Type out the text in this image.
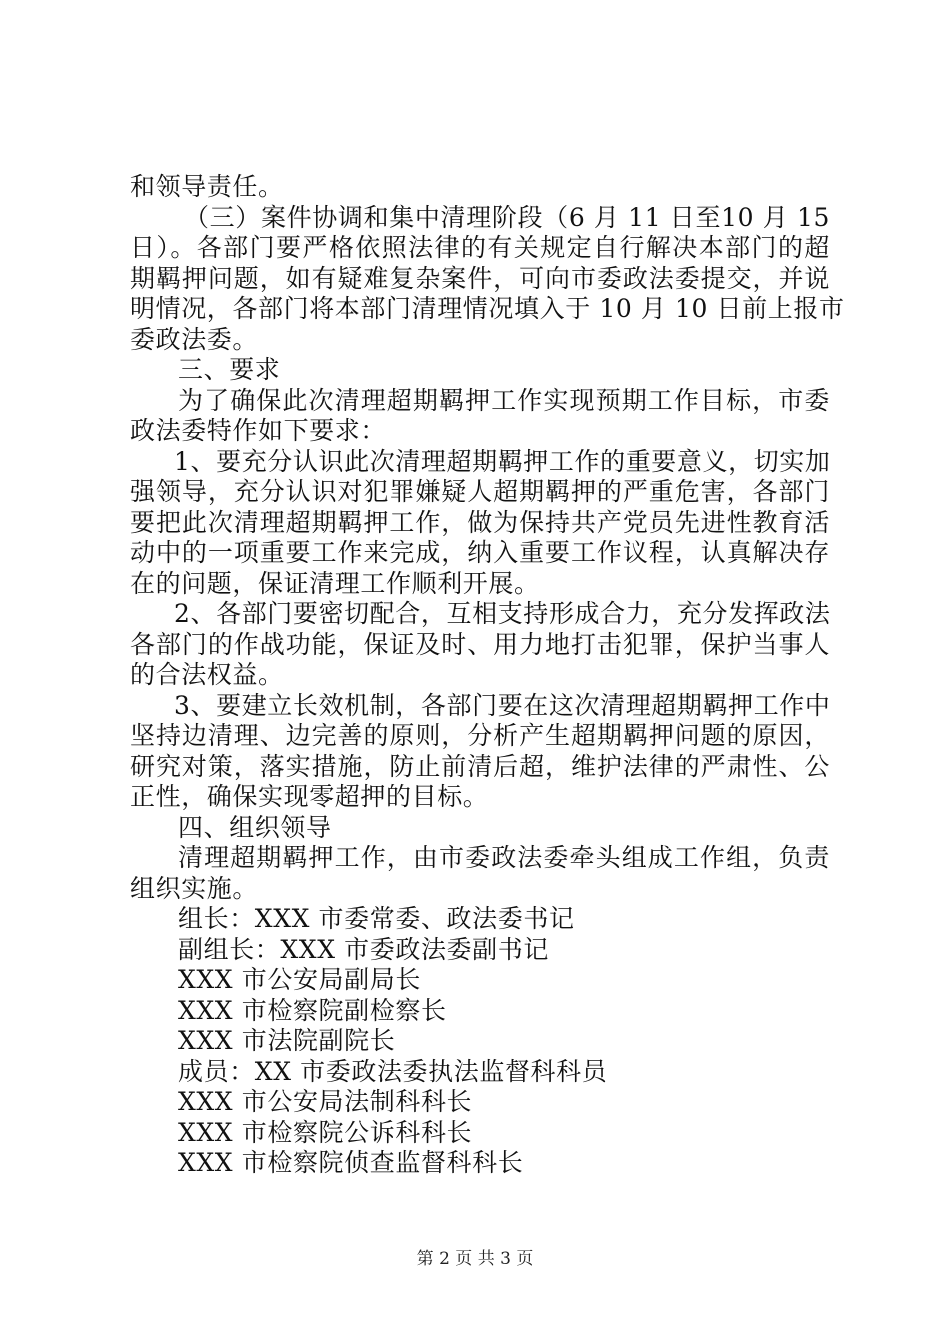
和领导责任。
（三）案件协调和集中清理阶段（6 月 11 日至10 月 15
日）。各部门要严格依照法律的有关规定自行解决本部门的超
期羁押问题，如有疑难复杂案件，可向市委政法委提交，并说
明情况，各部门将本部门清理情况填入于 10 月 10 日前上报市
委政法委。
三、要求
为了确保此次清理超期羁押工作实现预期工作目标，市委
政法委特作如下要求：
1、要充分认识此次清理超期羁押工作的重要意义，切实加
强领导，充分认识对犯罪嫌疑人超期羁押的严重危害，各部门
要把此次清理超期羁押工作，做为保持共产党员先进性教育活
动中的一项重要工作来完成，纳入重要工作议程，认真解决存
在的问题，保证清理工作顺利开展。
2、各部门要密切配合，互相支持形成合力，充分发挥政法
各部门的作战功能，保证及时、用力地打击犯罪，保护当事人
的合法权益。
3、要建立长效机制，各部门要在这次清理超期羁押工作中
坚持边清理、边完善的原则，分析产生超期羁押问题的原因，
研究对策，落实措施，防止前清后超，维护法律的严肃性、公
正性，确保实现零超押的目标。
四、组织领导
清理超期羁押工作，由市委政法委牵头组成工作组，负责
组织实施。
组长：XXX 市委常委、政法委书记
副组长：XXX 市委政法委副书记
XXX 市公安局副局长
XXX 市检察院副检察长
XXX 市法院副院长
成员：XX 市委政法委执法监督科科员
XXX 市公安局法制科科长
XXX 市检察院公诉科科长
XXX 市检察院侦查监督科科长
第 2 页 共 3 页
